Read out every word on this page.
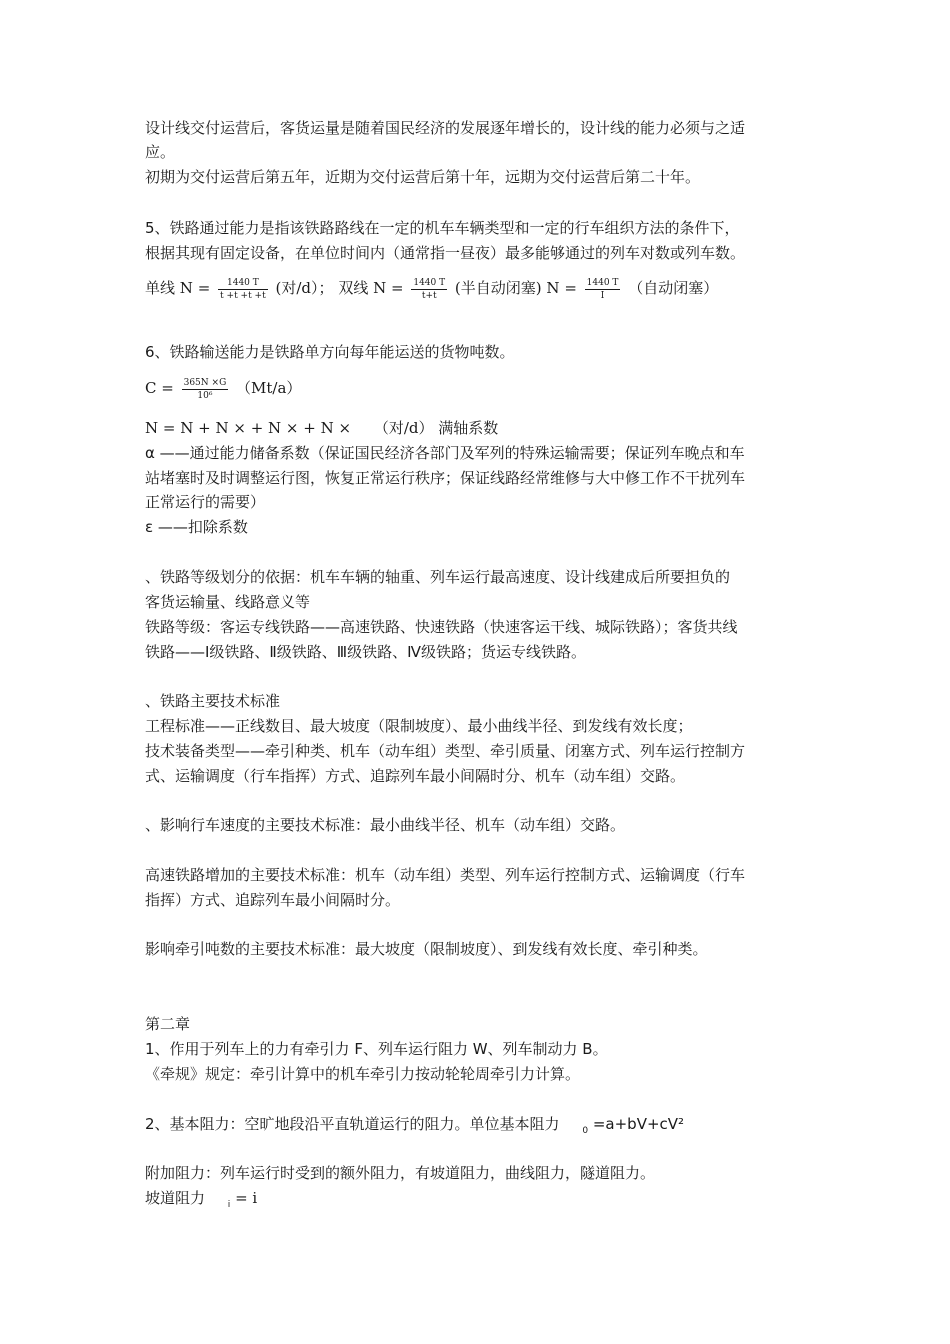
设计线交付运营后，客货运量是随着国民经济的发展逐年增长的，设计线的能力必须与之适
应。
初期为交付运营后第五年，近期为交付运营后第十年，远期为交付运营后第二十年。
5、铁路通过能力是指该铁路路线在一定的机车车辆类型和一定的行车组织方法的条件下，
根据其现有固定设备，在单位时间内（通常指一昼夜）最多能够通过的列车对数或列车数。
单线 $N = \frac{1440 T}{t +t +t +t}$ (对/d）； 双线 $N = \frac{1440 T}{t+t}$ (半自动闭塞) $N = \frac{1440 T}{I}$ （自动闭塞）
6、铁路输送能力是铁路单方向每年能运送的货物吨数。
$C = \frac{365N \times G}{\text{10⁶}} (Mt/a)$
N = N + N × + N × + N × （对/d） 满轴系数
α ——通过能力储备系数（保证国民经济各部门及军列的特殊运输需要；保证列车晚点和车
站堵塞时及时调整运行图，恢复正常运行秩序；保证线路经常维修与大中修工作不干扰列车
正常运行的需要）
ε ——扣除系数
、铁路等级划分的依据：机车车辆的轴重、列车运行最高速度、设计线建成后所要担负的
客货运输量、线路意义等
铁路等级：客运专线铁路——高速铁路、快速铁路（快速客运干线、城际铁路）；客货共线
铁路——Ⅰ级铁路、Ⅱ级铁路、Ⅲ级铁路、Ⅳ级铁路；货运专线铁路。
、铁路主要技术标准
工程标准——正线数目、最大坡度（限制坡度）、最小曲线半径、到发线有效长度；
技术装备类型——牵引种类、机车（动车组）类型、牵引质量、闭塞方式、列车运行控制方
式、运输调度（行车指挥）方式、追踪列车最小间隔时分、机车（动车组）交路。
、影响行车速度的主要技术标准：最小曲线半径、机车（动车组）交路。
高速铁路增加的主要技术标准：机车（动车组）类型、列车运行控制方式、运输调度（行车
指挥）方式、追踪列车最小间隔时分。
影响牵引吨数的主要技术标准：最大坡度（限制坡度）、到发线有效长度、牵引种类。
第二章
1、作用于列车上的力有牵引力 F、列车运行阻力 W、列车制动力 B。
《牵规》规定：牵引计算中的机车牵引力按动轮轮周牵引力计算。
2、基本阻力：空旷地段沿平直轨道运行的阻力。单位基本阻力	$_0$ =a+bV+cV²
附加阻力：列车运行时受到的额外阻力，有坡道阻力，曲线阻力，隧道阻力。
坡道阻力	$_i$ = i
